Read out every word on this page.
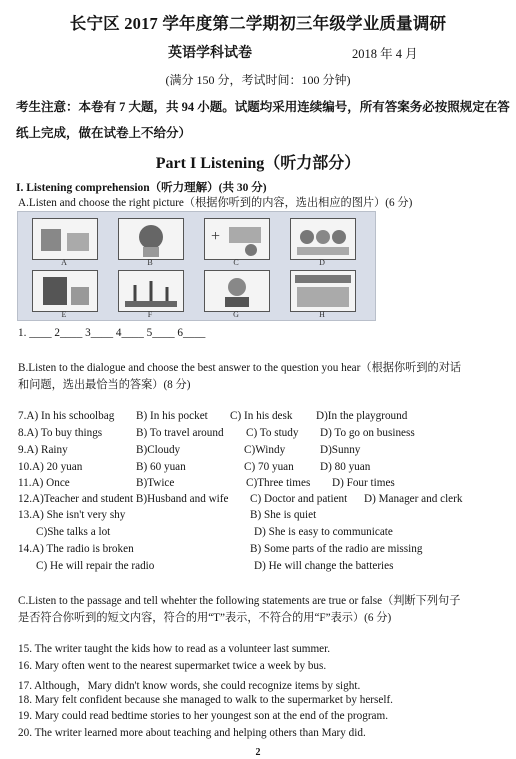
长宁区 2017 学年度第二学期初三年级学业质量调研
英语学科试卷	2018 年 4 月
(满分 150 分，考试时间：100 分钟)
考生注意：本卷有 7 大题，共 94 小题。试题均采用连续编号，所有答案务必按照规定在答
纸上完成，做在试卷上不给分）
Part I Listening（听力部分）
I. Listening comprehension（听力理解）(共 30 分)
A.Listen and choose the right picture（根据你听到的内容，选出相应的图片）(6 分)
A	B
+
C	D
E	F	G	H
1. ____ 2____ 3____ 4____ 5____ 6____
B.Listen to the dialogue and choose the best answer to the question you hear（根据你听到的对话
和问题，选出最恰当的答案）(8 分)
7.A) In his schoolbag B) In his pocket C) In his desk D)In the playground
8.A) To buy things	B) To travel around C) To study D) To go on business
9.A) Rainy	B)Cloudy	C)Windy	D)Sunny
10.A) 20 yuan	B) 60 yuan	C) 70 yuan D) 80 yuan
11.A) Once	B)Twice	C)Three times D) Four times
12.A)Teacher and student B)Husband and wife C) Doctor and patient D) Manager and clerk
13.A) She isn't very shy	B) She is quiet
C)She talks a lot	D) She is easy to communicate
14.A) The radio is broken	B) Some parts of the radio are missing
C) He will repair the radio	D) He will change the batteries
C.Listen to the passage and tell whehter the following statements are true or false（判断下列句子
是否符合你听到的短文内容，符合的用“T”表示，不符合的用“F”表示）(6 分)
15. The writer taught the kids how to read as a volunteer last summer.
16. Mary often went to the nearest supermarket twice a week by bus.
17. Although，Mary didn't know words, she could recognize items by sight.
18. Mary felt confident because she managed to walk to the supermarket by herself.
19. Mary could read bedtime stories to her youngest son at the end of the program.
20. The writer learned more about teaching and helping others than Mary did.
2
